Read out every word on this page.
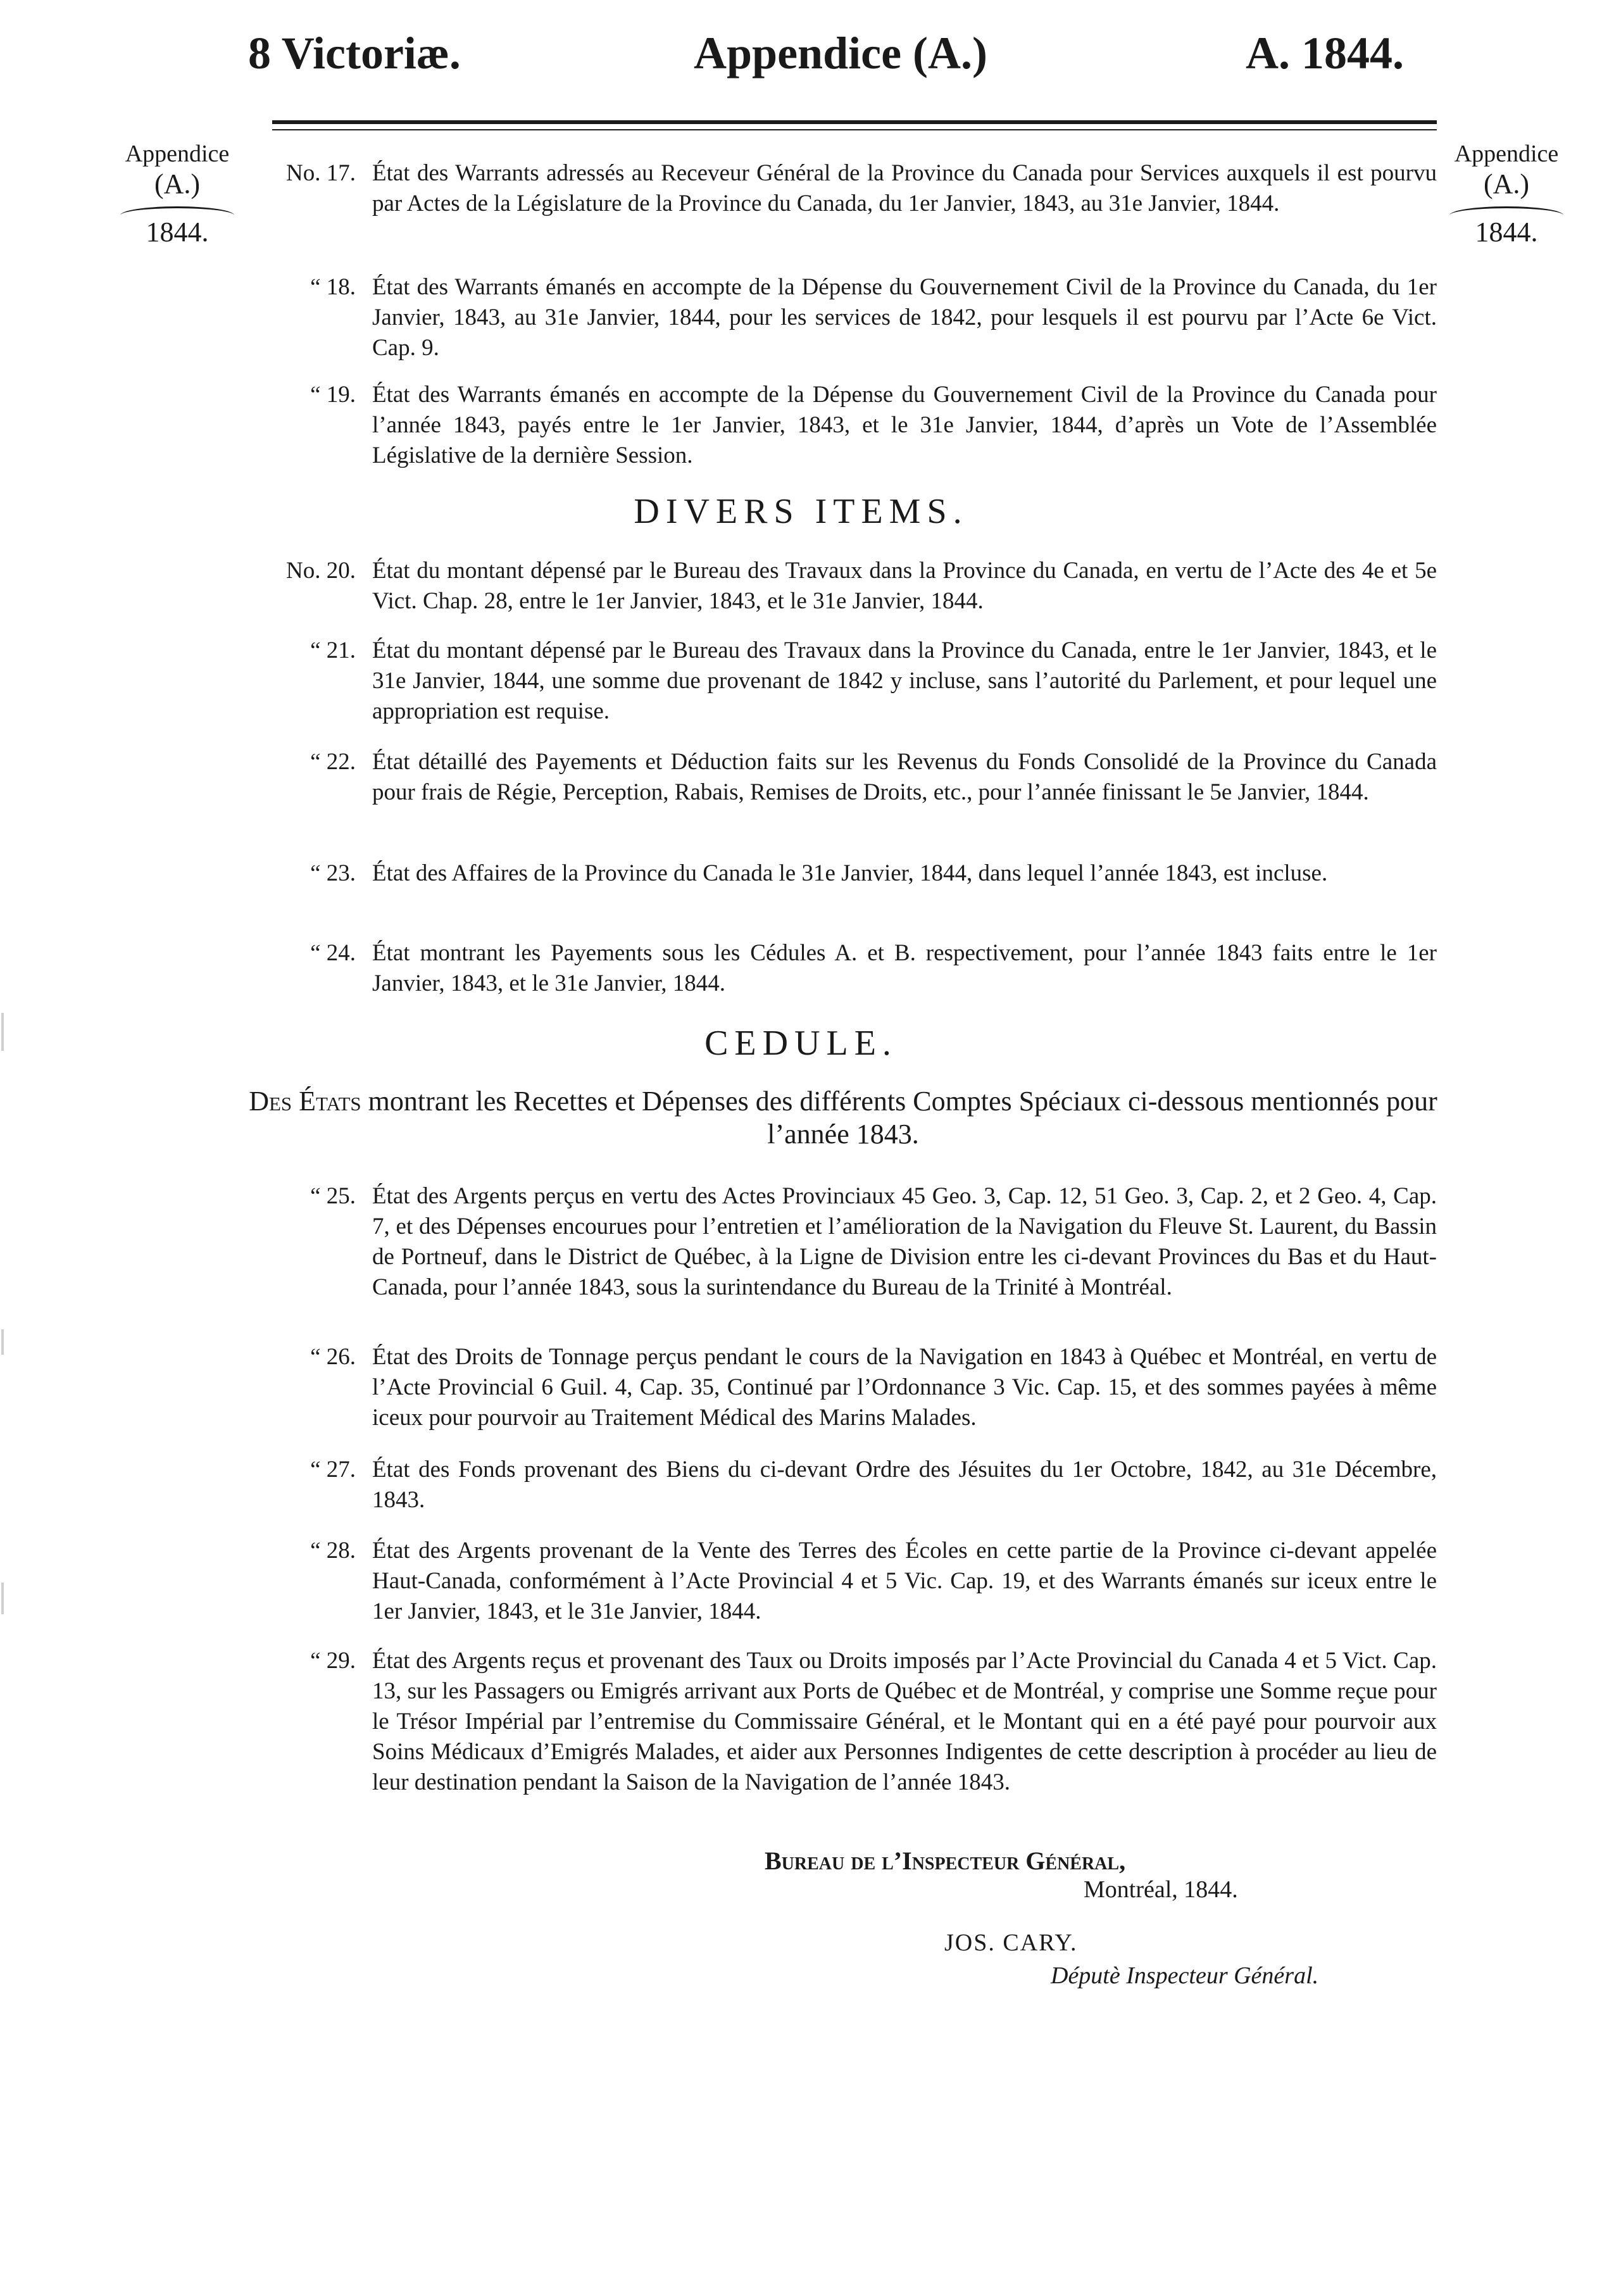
8 Victoriæ.	Appendice (A.)	A. 1844.
Appendice
(A.)
1844.
Appendice
(A.)
1844.
No. 17. État des Warrants adressés au Receveur Général de la Province du Canada pour Services auxquels il est pourvu par Actes de la Législature de la Province du Canada, du 1er Janvier, 1843, au 31e Janvier, 1844.
“ 18. État des Warrants émanés en accompte de la Dépense du Gouvernement Civil de la Province du Canada, du 1er Janvier, 1843, au 31e Janvier, 1844, pour les services de 1842, pour lesquels il est pourvu par l’Acte 6e Vict. Cap. 9.
“ 19. État des Warrants émanés en accompte de la Dépense du Gouvernement Civil de la Province du Canada pour l’année 1843, payés entre le 1er Janvier, 1843, et le 31e Janvier, 1844, d’après un Vote de l’Assemblée Législative de la dernière Session.
DIVERS ITEMS.
No. 20. État du montant dépensé par le Bureau des Travaux dans la Province du Canada, en vertu de l’Acte des 4e et 5e Vict. Chap. 28, entre le 1er Janvier, 1843, et le 31e Janvier, 1844.
“ 21. État du montant dépensé par le Bureau des Travaux dans la Province du Canada, entre le 1er Janvier, 1843, et le 31e Janvier, 1844, une somme due provenant de 1842 y incluse, sans l’autorité du Parlement, et pour lequel une appropriation est requise.
“ 22. État détaillé des Payements et Déduction faits sur les Revenus du Fonds Consolidé de la Province du Canada pour frais de Régie, Perception, Rabais, Remises de Droits, etc., pour l’année finissant le 5e Janvier, 1844.
“ 23. État des Affaires de la Province du Canada le 31e Janvier, 1844, dans lequel l’année 1843, est incluse.
“ 24. État montrant les Payements sous les Cédules A. et B. respectivement, pour l’année 1843 faits entre le 1er Janvier, 1843, et le 31e Janvier, 1844.
CEDULE.
Des États montrant les Recettes et Dépenses des différents Comptes Spéciaux ci-dessous mentionnés pour l’année 1843.
“ 25. État des Argents perçus en vertu des Actes Provinciaux 45 Geo. 3, Cap. 12, 51 Geo. 3, Cap. 2, et 2 Geo. 4, Cap. 7, et des Dépenses encourues pour l’entretien et l’amélioration de la Navigation du Fleuve St. Laurent, du Bassin de Portneuf, dans le District de Québec, à la Ligne de Division entre les ci-devant Provinces du Bas et du Haut-Canada, pour l’année 1843, sous la surintendance du Bureau de la Trinité à Montréal.
“ 26. État des Droits de Tonnage perçus pendant le cours de la Navigation en 1843 à Québec et Montréal, en vertu de l’Acte Provincial 6 Guil. 4, Cap. 35, Continué par l’Ordonnance 3 Vic. Cap. 15, et des sommes payées à même iceux pour pourvoir au Traitement Médical des Marins Malades.
“ 27. État des Fonds provenant des Biens du ci-devant Ordre des Jésuites du 1er Octobre, 1842, au 31e Décembre, 1843.
“ 28. État des Argents provenant de la Vente des Terres des Écoles en cette partie de la Province ci-devant appelée Haut-Canada, conformément à l’Acte Provincial 4 et 5 Vic. Cap. 19, et des Warrants émanés sur iceux entre le 1er Janvier, 1843, et le 31e Janvier, 1844.
“ 29. État des Argents reçus et provenant des Taux ou Droits imposés par l’Acte Provincial du Canada 4 et 5 Vict. Cap. 13, sur les Passagers ou Emigrés arrivant aux Ports de Québec et de Montréal, y comprise une Somme reçue pour le Trésor Impérial par l’entremise du Commissaire Général, et le Montant qui en a été payé pour pourvoir aux Soins Médicaux d’Emigrés Malades, et aider aux Personnes Indigentes de cette description à procéder au lieu de leur destination pendant la Saison de la Navigation de l’année 1843.
Bureau de l’Inspecteur Général,
Montréal, 1844.
JOS. CARY.
Députè Inspecteur Général.
